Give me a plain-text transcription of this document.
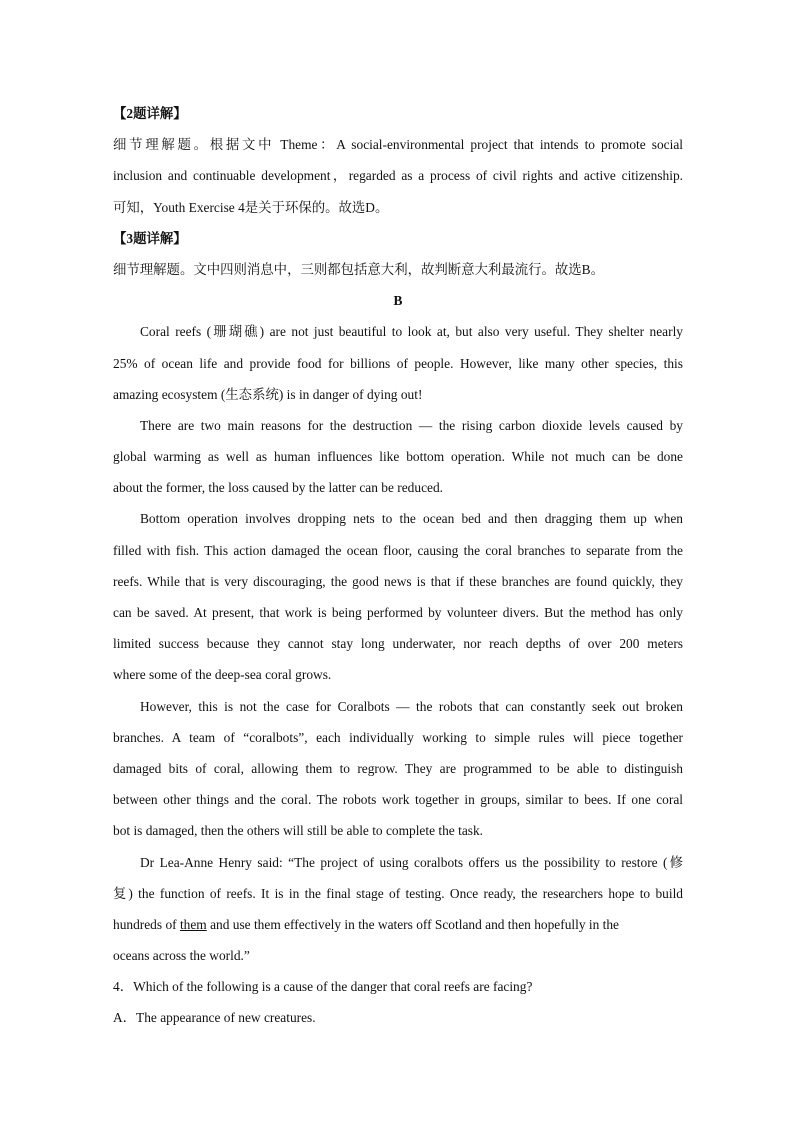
【2题详解】
细节理解题。根据文中 Theme：A social-environmental project that intends to promote social
inclusion and continuable development，regarded as a process of civil rights and active citizenship.
可知，Youth Exercise 4是关于环保的。故选D。
【3题详解】
细节理解题。文中四则消息中，三则都包括意大利，故判断意大利最流行。故选B。
B
Coral reefs (珊瑚礁) are not just beautiful to look at, but also very useful. They shelter nearly
25% of ocean life and provide food for billions of people. However, like many other species, this
amazing ecosystem (生态系统) is in danger of dying out!
There are two main reasons for the destruction — the rising carbon dioxide levels caused by
global warming as well as human influences like bottom operation. While not much can be done
about the former, the loss caused by the latter can be reduced.
Bottom operation involves dropping nets to the ocean bed and then dragging them up when
filled with fish. This action damaged the ocean floor, causing the coral branches to separate from the
reefs. While that is very discouraging, the good news is that if these branches are found quickly, they
can be saved. At present, that work is being performed by volunteer divers. But the method has only
limited success because they cannot stay long underwater, nor reach depths of over 200 meters
where some of the deep-sea coral grows.
However, this is not the case for Coralbots — the robots that can constantly seek out broken
branches. A team of “coralbots”, each individually working to simple rules will piece together
damaged bits of coral, allowing them to regrow. They are programmed to be able to distinguish
between other things and the coral. The robots work together in groups, similar to bees. If one coral
bot is damaged, then the others will still be able to complete the task.
Dr Lea-Anne Henry said: “The project of using coralbots offers us the possibility to restore (修
复) the function of reefs. It is in the final stage of testing. Once ready, the researchers hope to build
hundreds of them and use them effectively in the waters off Scotland and then hopefully in the
oceans across the world.”
4．Which of the following is a cause of the danger that coral reefs are facing?
A．The appearance of new creatures.
